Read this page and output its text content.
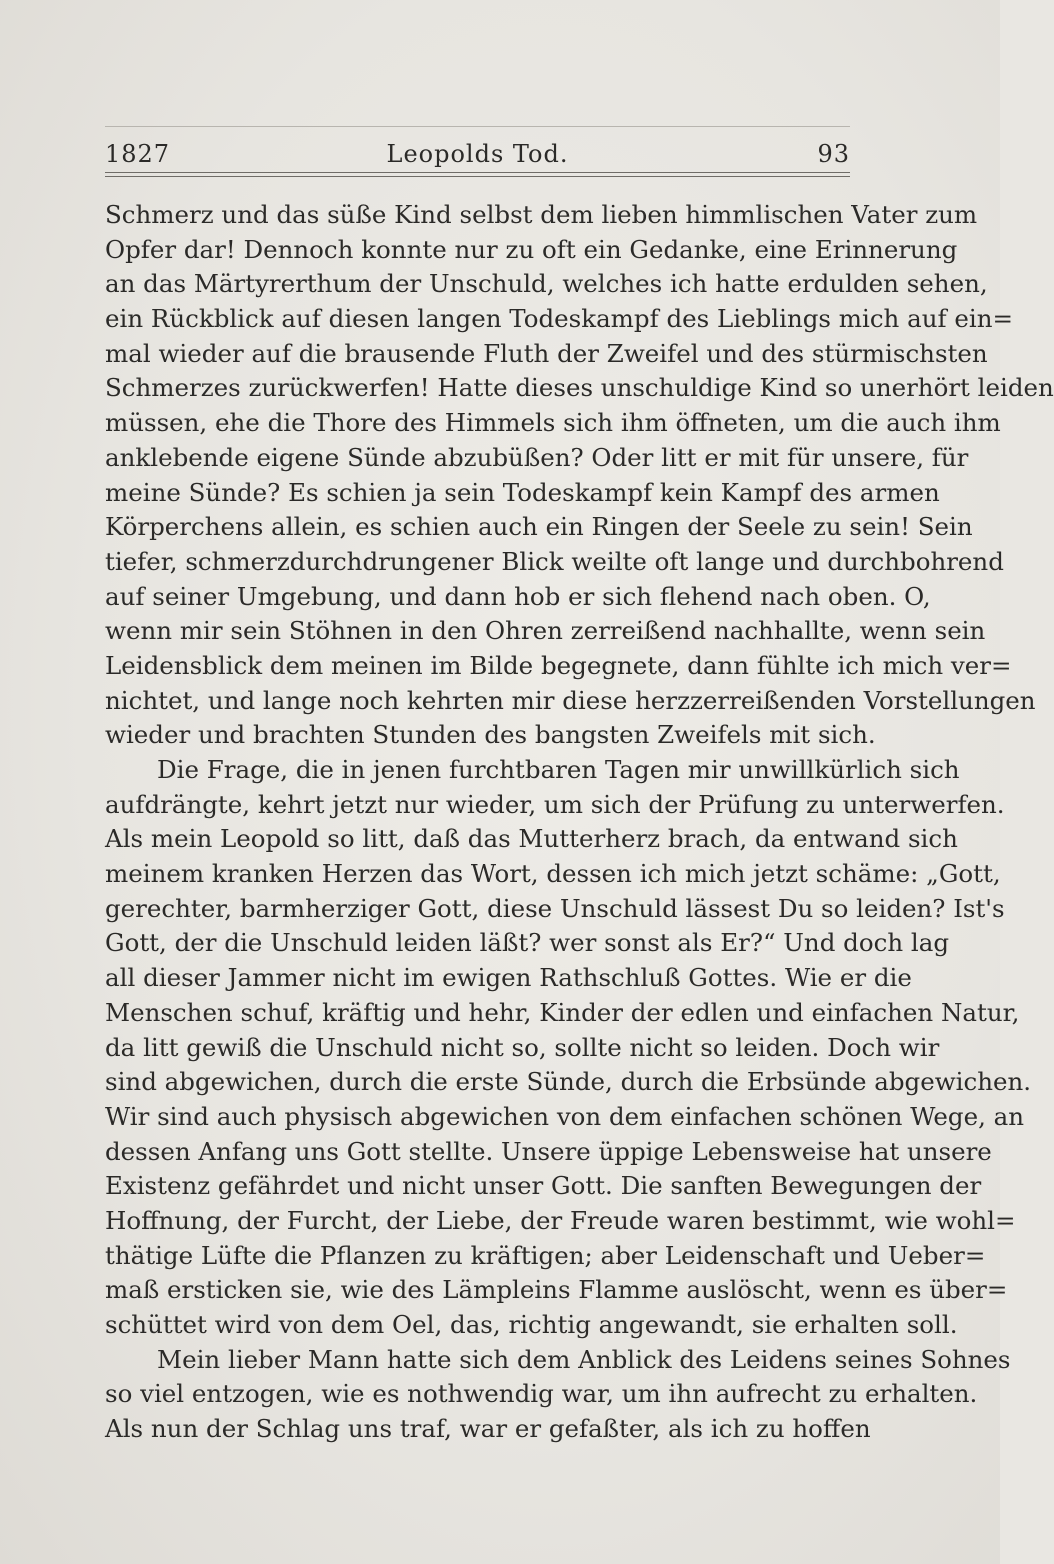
1827	Leopolds Tod.	93
Schmerz und das süße Kind selbst dem lieben himmlischen Vater zum
Opfer dar! Dennoch konnte nur zu oft ein Gedanke, eine Erinnerung
an das Märtyrerthum der Unschuld, welches ich hatte erdulden sehen,
ein Rückblick auf diesen langen Todeskampf des Lieblings mich auf ein=
mal wieder auf die brausende Fluth der Zweifel und des stürmischsten
Schmerzes zurückwerfen! Hatte dieses unschuldige Kind so unerhört leiden
müssen, ehe die Thore des Himmels sich ihm öffneten, um die auch ihm
anklebende eigene Sünde abzubüßen? Oder litt er mit für unsere, für
meine Sünde? Es schien ja sein Todeskampf kein Kampf des armen
Körperchens allein, es schien auch ein Ringen der Seele zu sein! Sein
tiefer, schmerzdurchdrungener Blick weilte oft lange und durchbohrend
auf seiner Umgebung, und dann hob er sich flehend nach oben. O,
wenn mir sein Stöhnen in den Ohren zerreißend nachhallte, wenn sein
Leidensblick dem meinen im Bilde begegnete, dann fühlte ich mich ver=
nichtet, und lange noch kehrten mir diese herzzerreißenden Vorstellungen
wieder und brachten Stunden des bangsten Zweifels mit sich.
Die Frage, die in jenen furchtbaren Tagen mir unwillkürlich sich
aufdrängte, kehrt jetzt nur wieder, um sich der Prüfung zu unterwerfen.
Als mein Leopold so litt, daß das Mutterherz brach, da entwand sich
meinem kranken Herzen das Wort, dessen ich mich jetzt schäme: „Gott,
gerechter, barmherziger Gott, diese Unschuld lässest Du so leiden? Ist's
Gott, der die Unschuld leiden läßt? wer sonst als Er?“ Und doch lag
all dieser Jammer nicht im ewigen Rathschluß Gottes. Wie er die
Menschen schuf, kräftig und hehr, Kinder der edlen und einfachen Natur,
da litt gewiß die Unschuld nicht so, sollte nicht so leiden. Doch wir
sind abgewichen, durch die erste Sünde, durch die Erbsünde abgewichen.
Wir sind auch physisch abgewichen von dem einfachen schönen Wege, an
dessen Anfang uns Gott stellte. Unsere üppige Lebensweise hat unsere
Existenz gefährdet und nicht unser Gott. Die sanften Bewegungen der
Hoffnung, der Furcht, der Liebe, der Freude waren bestimmt, wie wohl=
thätige Lüfte die Pflanzen zu kräftigen; aber Leidenschaft und Ueber=
maß ersticken sie, wie des Lämpleins Flamme auslöscht, wenn es über=
schüttet wird von dem Oel, das, richtig angewandt, sie erhalten soll.
Mein lieber Mann hatte sich dem Anblick des Leidens seines Sohnes
so viel entzogen, wie es nothwendig war, um ihn aufrecht zu erhalten.
Als nun der Schlag uns traf, war er gefaßter, als ich zu hoffen
